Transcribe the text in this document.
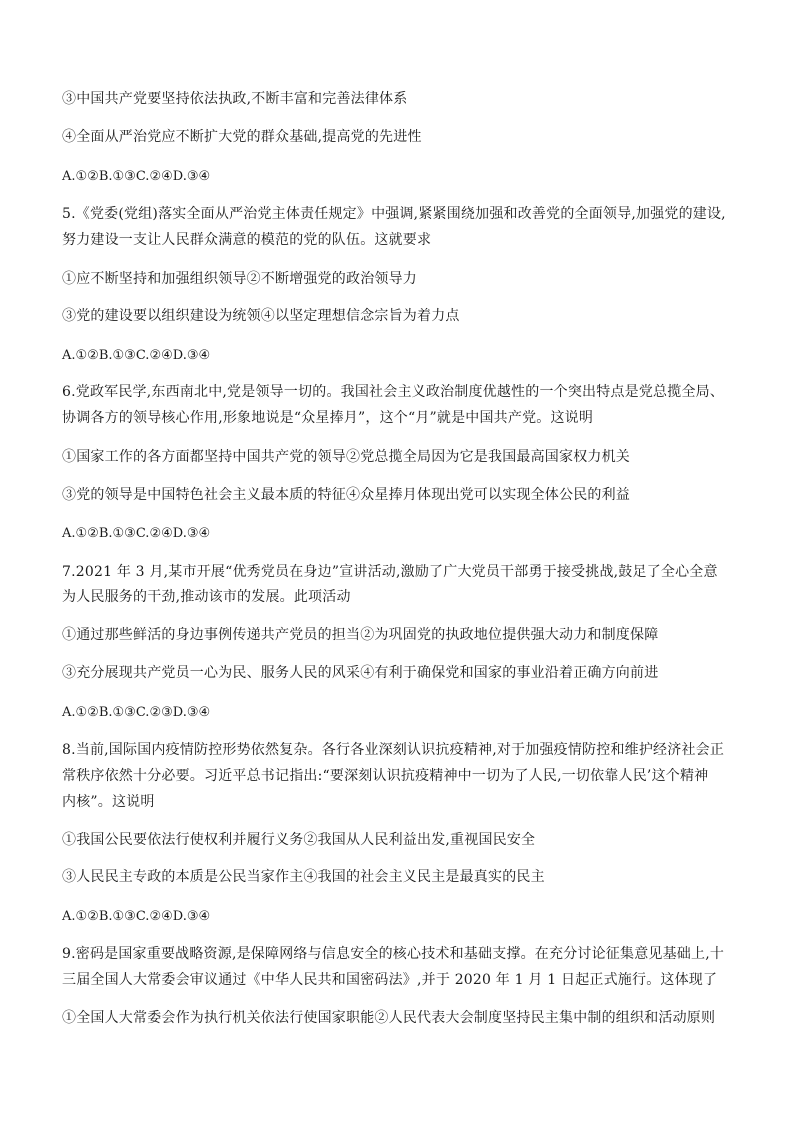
③中国共产党要坚持依法执政,不断丰富和完善法律体系
④全面从严治党应不断扩大党的群众基础,提高党的先进性
A.①②B.①③C.②④D.③④
5.《党委(党组)落实全面从严治党主体责任规定》中强调,紧紧围绕加强和改善党的全面领导,加强党的建设,
努力建设一支让人民群众满意的模范的党的队伍。这就要求
①应不断坚持和加强组织领导②不断增强党的政治领导力
③党的建设要以组织建设为统领④以坚定理想信念宗旨为着力点
A.①②B.①③C.②④D.③④
6.党政军民学,东西南北中,党是领导一切的。我国社会主义政治制度优越性的一个突出特点是党总揽全局、
协调各方的领导核心作用,形象地说是“众星捧月”，这个“月”就是中国共产党。这说明
①国家工作的各方面都坚持中国共产党的领导②党总揽全局因为它是我国最高国家权力机关
③党的领导是中国特色社会主义最本质的特征④众星捧月体现出党可以实现全体公民的利益
A.①②B.①③C.②④D.③④
7.2021 年 3 月,某市开展“优秀党员在身边”宣讲活动,激励了广大党员干部勇于接受挑战,鼓足了全心全意
为人民服务的干劲,推动该市的发展。此项活动
①通过那些鲜活的身边事例传递共产党员的担当②为巩固党的执政地位提供强大动力和制度保障
③充分展现共产党员一心为民、服务人民的风采④有利于确保党和国家的事业沿着正确方向前进
A.①②B.①③C.②③D.③④
8.当前,国际国内疫情防控形势依然复杂。各行各业深刻认识抗疫精神,对于加强疫情防控和维护经济社会正
常秩序依然十分必要。习近平总书记指出:“要深刻认识抗疫精神中一切为了人民,一切依靠人民’这个精神
内核”。这说明
①我国公民要依法行使权利并履行义务②我国从人民利益出发,重视国民安全
③人民民主专政的本质是公民当家作主④我国的社会主义民主是最真实的民主
A.①②B.①③C.②④D.③④
9.密码是国家重要战略资源,是保障网络与信息安全的核心技术和基础支撑。在充分讨论征集意见基础上,十
三届全国人大常委会审议通过《中华人民共和国密码法》,并于 2020 年 1 月 1 日起正式施行。这体现了
①全国人大常委会作为执行机关依法行使国家职能②人民代表大会制度坚持民主集中制的组织和活动原则
